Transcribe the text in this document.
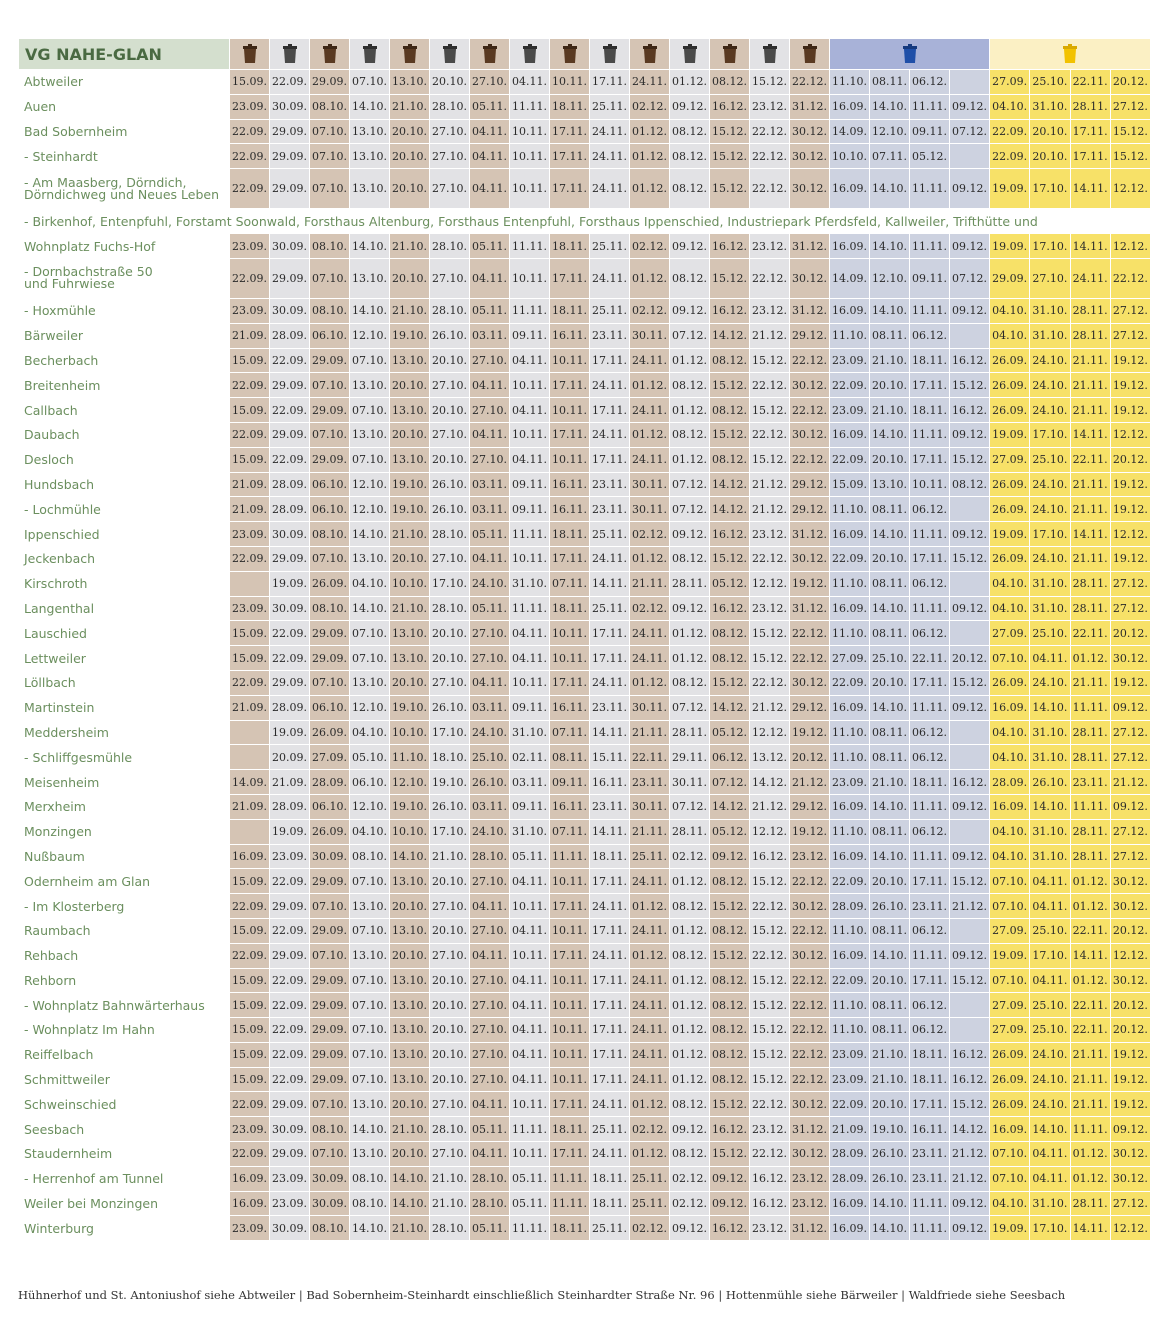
VG NAHE-GLAN	

Abtweiler	15.09.	22.09.	29.09.	07.10.	13.10.	20.10.	27.10.	04.11.	10.11.	17.11.	24.11.	01.12.	08.12.	15.12.	22.12.	11.10.	08.11.	06.12.		27.09.	25.10.	22.11.	20.12.
Auen	23.09.	30.09.	08.10.	14.10.	21.10.	28.10.	05.11.	11.11.	18.11.	25.11.	02.12.	09.12.	16.12.	23.12.	31.12.	16.09.	14.10.	11.11.	09.12.	04.10.	31.10.	28.11.	27.12.
Bad Sobernheim	22.09.	29.09.	07.10.	13.10.	20.10.	27.10.	04.11.	10.11.	17.11.	24.11.	01.12.	08.12.	15.12.	22.12.	30.12.	14.09.	12.10.	09.11.	07.12.	22.09.	20.10.	17.11.	15.12.
- Steinhardt	22.09.	29.09.	07.10.	13.10.	20.10.	27.10.	04.11.	10.11.	17.11.	24.11.	01.12.	08.12.	15.12.	22.12.	30.12.	10.10.	07.11.	05.12.		22.09.	20.10.	17.11.	15.12.
- Am Maasberg, Dörndich,
Dörndichweg und Neues Leben	22.09.	29.09.	07.10.	13.10.	20.10.	27.10.	04.11.	10.11.	17.11.	24.11.	01.12.	08.12.	15.12.	22.12.	30.12.	16.09.	14.10.	11.11.	09.12.	19.09.	17.10.	14.11.	12.12.
- Birkenhof, Entenpfuhl, Forstamt Soonwald, Forsthaus Altenburg, Forsthaus Entenpfuhl, Forsthaus Ippenschied, Industriepark Pferdsfeld, Kallweiler, Trifthütte und																							
Wohnplatz Fuchs-Hof	23.09.	30.09.	08.10.	14.10.	21.10.	28.10.	05.11.	11.11.	18.11.	25.11.	02.12.	09.12.	16.12.	23.12.	31.12.	16.09.	14.10.	11.11.	09.12.	19.09.	17.10.	14.11.	12.12.
- Dornbachstraße 50
und Fuhrwiese	22.09.	29.09.	07.10.	13.10.	20.10.	27.10.	04.11.	10.11.	17.11.	24.11.	01.12.	08.12.	15.12.	22.12.	30.12.	14.09.	12.10.	09.11.	07.12.	29.09.	27.10.	24.11.	22.12.
- Hoxmühle	23.09.	30.09.	08.10.	14.10.	21.10.	28.10.	05.11.	11.11.	18.11.	25.11.	02.12.	09.12.	16.12.	23.12.	31.12.	16.09.	14.10.	11.11.	09.12.	04.10.	31.10.	28.11.	27.12.
Bärweiler	21.09.	28.09.	06.10.	12.10.	19.10.	26.10.	03.11.	09.11.	16.11.	23.11.	30.11.	07.12.	14.12.	21.12.	29.12.	11.10.	08.11.	06.12.		04.10.	31.10.	28.11.	27.12.
Becherbach	15.09.	22.09.	29.09.	07.10.	13.10.	20.10.	27.10.	04.11.	10.11.	17.11.	24.11.	01.12.	08.12.	15.12.	22.12.	23.09.	21.10.	18.11.	16.12.	26.09.	24.10.	21.11.	19.12.
Breitenheim	22.09.	29.09.	07.10.	13.10.	20.10.	27.10.	04.11.	10.11.	17.11.	24.11.	01.12.	08.12.	15.12.	22.12.	30.12.	22.09.	20.10.	17.11.	15.12.	26.09.	24.10.	21.11.	19.12.
Callbach	15.09.	22.09.	29.09.	07.10.	13.10.	20.10.	27.10.	04.11.	10.11.	17.11.	24.11.	01.12.	08.12.	15.12.	22.12.	23.09.	21.10.	18.11.	16.12.	26.09.	24.10.	21.11.	19.12.
Daubach	22.09.	29.09.	07.10.	13.10.	20.10.	27.10.	04.11.	10.11.	17.11.	24.11.	01.12.	08.12.	15.12.	22.12.	30.12.	16.09.	14.10.	11.11.	09.12.	19.09.	17.10.	14.11.	12.12.
Desloch	15.09.	22.09.	29.09.	07.10.	13.10.	20.10.	27.10.	04.11.	10.11.	17.11.	24.11.	01.12.	08.12.	15.12.	22.12.	22.09.	20.10.	17.11.	15.12.	27.09.	25.10.	22.11.	20.12.
Hundsbach	21.09.	28.09.	06.10.	12.10.	19.10.	26.10.	03.11.	09.11.	16.11.	23.11.	30.11.	07.12.	14.12.	21.12.	29.12.	15.09.	13.10.	10.11.	08.12.	26.09.	24.10.	21.11.	19.12.
- Lochmühle	21.09.	28.09.	06.10.	12.10.	19.10.	26.10.	03.11.	09.11.	16.11.	23.11.	30.11.	07.12.	14.12.	21.12.	29.12.	11.10.	08.11.	06.12.		26.09.	24.10.	21.11.	19.12.
Ippenschied	23.09.	30.09.	08.10.	14.10.	21.10.	28.10.	05.11.	11.11.	18.11.	25.11.	02.12.	09.12.	16.12.	23.12.	31.12.	16.09.	14.10.	11.11.	09.12.	19.09.	17.10.	14.11.	12.12.
Jeckenbach	22.09.	29.09.	07.10.	13.10.	20.10.	27.10.	04.11.	10.11.	17.11.	24.11.	01.12.	08.12.	15.12.	22.12.	30.12.	22.09.	20.10.	17.11.	15.12.	26.09.	24.10.	21.11.	19.12.
Kirschroth		19.09.	26.09.	04.10.	10.10.	17.10.	24.10.	31.10.	07.11.	14.11.	21.11.	28.11.	05.12.	12.12.	19.12.	11.10.	08.11.	06.12.		04.10.	31.10.	28.11.	27.12.
Langenthal	23.09.	30.09.	08.10.	14.10.	21.10.	28.10.	05.11.	11.11.	18.11.	25.11.	02.12.	09.12.	16.12.	23.12.	31.12.	16.09.	14.10.	11.11.	09.12.	04.10.	31.10.	28.11.	27.12.
Lauschied	15.09.	22.09.	29.09.	07.10.	13.10.	20.10.	27.10.	04.11.	10.11.	17.11.	24.11.	01.12.	08.12.	15.12.	22.12.	11.10.	08.11.	06.12.		27.09.	25.10.	22.11.	20.12.
Lettweiler	15.09.	22.09.	29.09.	07.10.	13.10.	20.10.	27.10.	04.11.	10.11.	17.11.	24.11.	01.12.	08.12.	15.12.	22.12.	27.09.	25.10.	22.11.	20.12.	07.10.	04.11.	01.12.	30.12.
Löllbach	22.09.	29.09.	07.10.	13.10.	20.10.	27.10.	04.11.	10.11.	17.11.	24.11.	01.12.	08.12.	15.12.	22.12.	30.12.	22.09.	20.10.	17.11.	15.12.	26.09.	24.10.	21.11.	19.12.
Martinstein	21.09.	28.09.	06.10.	12.10.	19.10.	26.10.	03.11.	09.11.	16.11.	23.11.	30.11.	07.12.	14.12.	21.12.	29.12.	16.09.	14.10.	11.11.	09.12.	16.09.	14.10.	11.11.	09.12.
Meddersheim		19.09.	26.09.	04.10.	10.10.	17.10.	24.10.	31.10.	07.11.	14.11.	21.11.	28.11.	05.12.	12.12.	19.12.	11.10.	08.11.	06.12.		04.10.	31.10.	28.11.	27.12.
- Schliffgesmühle		20.09.	27.09.	05.10.	11.10.	18.10.	25.10.	02.11.	08.11.	15.11.	22.11.	29.11.	06.12.	13.12.	20.12.	11.10.	08.11.	06.12.		04.10.	31.10.	28.11.	27.12.
Meisenheim	14.09.	21.09.	28.09.	06.10.	12.10.	19.10.	26.10.	03.11.	09.11.	16.11.	23.11.	30.11.	07.12.	14.12.	21.12.	23.09.	21.10.	18.11.	16.12.	28.09.	26.10.	23.11.	21.12.
Merxheim	21.09.	28.09.	06.10.	12.10.	19.10.	26.10.	03.11.	09.11.	16.11.	23.11.	30.11.	07.12.	14.12.	21.12.	29.12.	16.09.	14.10.	11.11.	09.12.	16.09.	14.10.	11.11.	09.12.
Monzingen		19.09.	26.09.	04.10.	10.10.	17.10.	24.10.	31.10.	07.11.	14.11.	21.11.	28.11.	05.12.	12.12.	19.12.	11.10.	08.11.	06.12.		04.10.	31.10.	28.11.	27.12.
Nußbaum	16.09.	23.09.	30.09.	08.10.	14.10.	21.10.	28.10.	05.11.	11.11.	18.11.	25.11.	02.12.	09.12.	16.12.	23.12.	16.09.	14.10.	11.11.	09.12.	04.10.	31.10.	28.11.	27.12.
Odernheim am Glan	15.09.	22.09.	29.09.	07.10.	13.10.	20.10.	27.10.	04.11.	10.11.	17.11.	24.11.	01.12.	08.12.	15.12.	22.12.	22.09.	20.10.	17.11.	15.12.	07.10.	04.11.	01.12.	30.12.
- Im Klosterberg	22.09.	29.09.	07.10.	13.10.	20.10.	27.10.	04.11.	10.11.	17.11.	24.11.	01.12.	08.12.	15.12.	22.12.	30.12.	28.09.	26.10.	23.11.	21.12.	07.10.	04.11.	01.12.	30.12.
Raumbach	15.09.	22.09.	29.09.	07.10.	13.10.	20.10.	27.10.	04.11.	10.11.	17.11.	24.11.	01.12.	08.12.	15.12.	22.12.	11.10.	08.11.	06.12.		27.09.	25.10.	22.11.	20.12.
Rehbach	22.09.	29.09.	07.10.	13.10.	20.10.	27.10.	04.11.	10.11.	17.11.	24.11.	01.12.	08.12.	15.12.	22.12.	30.12.	16.09.	14.10.	11.11.	09.12.	19.09.	17.10.	14.11.	12.12.
Rehborn	15.09.	22.09.	29.09.	07.10.	13.10.	20.10.	27.10.	04.11.	10.11.	17.11.	24.11.	01.12.	08.12.	15.12.	22.12.	22.09.	20.10.	17.11.	15.12.	07.10.	04.11.	01.12.	30.12.
- Wohnplatz Bahnwärterhaus	15.09.	22.09.	29.09.	07.10.	13.10.	20.10.	27.10.	04.11.	10.11.	17.11.	24.11.	01.12.	08.12.	15.12.	22.12.	11.10.	08.11.	06.12.		27.09.	25.10.	22.11.	20.12.
- Wohnplatz Im Hahn	15.09.	22.09.	29.09.	07.10.	13.10.	20.10.	27.10.	04.11.	10.11.	17.11.	24.11.	01.12.	08.12.	15.12.	22.12.	11.10.	08.11.	06.12.		27.09.	25.10.	22.11.	20.12.
Reiffelbach	15.09.	22.09.	29.09.	07.10.	13.10.	20.10.	27.10.	04.11.	10.11.	17.11.	24.11.	01.12.	08.12.	15.12.	22.12.	23.09.	21.10.	18.11.	16.12.	26.09.	24.10.	21.11.	19.12.
Schmittweiler	15.09.	22.09.	29.09.	07.10.	13.10.	20.10.	27.10.	04.11.	10.11.	17.11.	24.11.	01.12.	08.12.	15.12.	22.12.	23.09.	21.10.	18.11.	16.12.	26.09.	24.10.	21.11.	19.12.
Schweinschied	22.09.	29.09.	07.10.	13.10.	20.10.	27.10.	04.11.	10.11.	17.11.	24.11.	01.12.	08.12.	15.12.	22.12.	30.12.	22.09.	20.10.	17.11.	15.12.	26.09.	24.10.	21.11.	19.12.
Seesbach	23.09.	30.09.	08.10.	14.10.	21.10.	28.10.	05.11.	11.11.	18.11.	25.11.	02.12.	09.12.	16.12.	23.12.	31.12.	21.09.	19.10.	16.11.	14.12.	16.09.	14.10.	11.11.	09.12.
Staudernheim	22.09.	29.09.	07.10.	13.10.	20.10.	27.10.	04.11.	10.11.	17.11.	24.11.	01.12.	08.12.	15.12.	22.12.	30.12.	28.09.	26.10.	23.11.	21.12.	07.10.	04.11.	01.12.	30.12.
- Herrenhof am Tunnel	16.09.	23.09.	30.09.	08.10.	14.10.	21.10.	28.10.	05.11.	11.11.	18.11.	25.11.	02.12.	09.12.	16.12.	23.12.	28.09.	26.10.	23.11.	21.12.	07.10.	04.11.	01.12.	30.12.
Weiler bei Monzingen	16.09.	23.09.	30.09.	08.10.	14.10.	21.10.	28.10.	05.11.	11.11.	18.11.	25.11.	02.12.	09.12.	16.12.	23.12.	16.09.	14.10.	11.11.	09.12.	04.10.	31.10.	28.11.	27.12.
Winterburg	23.09.	30.09.	08.10.	14.10.	21.10.	28.10.	05.11.	11.11.	18.11.	25.11.	02.12.	09.12.	16.12.	23.12.	31.12.	16.09.	14.10.	11.11.	09.12.	19.09.	17.10.	14.11.	12.12.
Hühnerhof und St. Antoniushof siehe Abtweiler | Bad Sobernheim-Steinhardt einschließlich Steinhardter Straße Nr. 96 | Hottenmühle siehe Bärweiler | Waldfriede siehe Seesbach
